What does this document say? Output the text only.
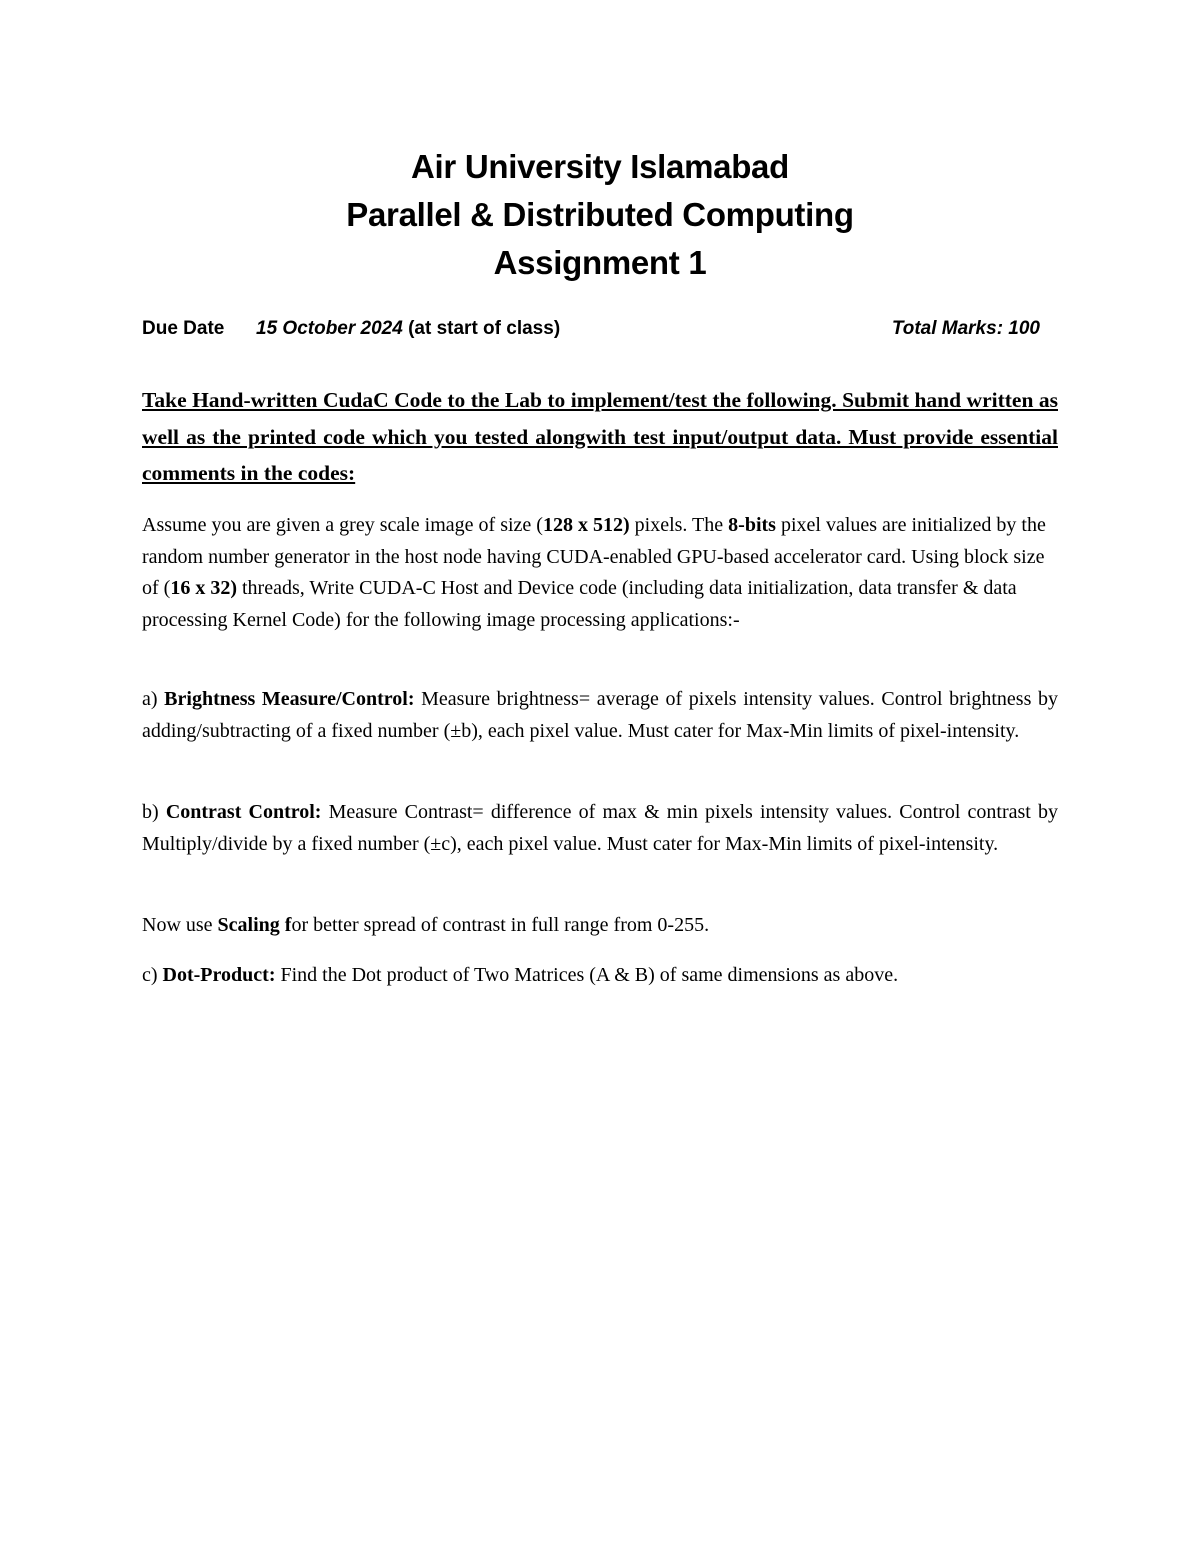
Air University Islamabad
Parallel & Distributed Computing
Assignment 1
Due Date 15 October 2024 (at start of class)	Total Marks: 100
Take Hand-written CudaC Code to the Lab to implement/test the following. Submit hand written as well as the printed code which you tested alongwith test input/output data. Must provide essential comments in the codes:
Assume you are given a grey scale image of size (128 x 512) pixels. The 8-bits pixel values are initialized by the random number generator in the host node having CUDA-enabled GPU-based accelerator card. Using block size of (16 x 32) threads, Write CUDA-C Host and Device code (including data initialization, data transfer & data processing Kernel Code) for the following image processing applications:-
a) Brightness Measure/Control: Measure brightness= average of pixels intensity values. Control brightness by adding/subtracting of a fixed number (±b), each pixel value. Must cater for Max-Min limits of pixel-intensity.
b) Contrast Control: Measure Contrast= difference of max & min pixels intensity values. Control contrast by Multiply/divide by a fixed number (±c), each pixel value. Must cater for Max-Min limits of pixel-intensity.
Now use Scaling for better spread of contrast in full range from 0-255.
c) Dot-Product: Find the Dot product of Two Matrices (A & B) of same dimensions as above.
